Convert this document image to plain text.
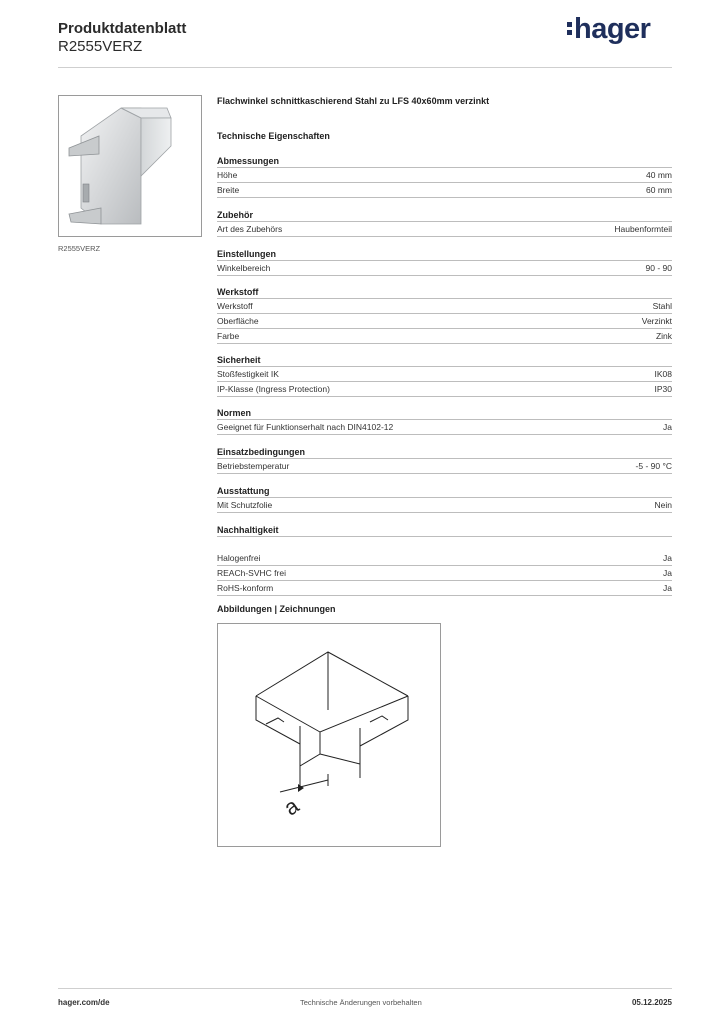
Produktdatenblatt
R2555VERZ
hager
R2555VERZ
Flachwinkel schnittkaschierend Stahl zu LFS 40x60mm verzinkt
Technische Eigenschaften
Abmessungen
Höhe	40 mm
Breite	60 mm
Zubehör
Art des Zubehörs	Haubenformteil
Einstellungen
Winkelbereich	90 - 90
Werkstoff
Werkstoff	Stahl
Oberfläche	Verzinkt
Farbe	Zink
Sicherheit
Stoßfestigkeit IK	IK08
IP-Klasse (Ingress Protection)	IP30
Normen
Geeignet für Funktionserhalt nach DIN4102-12	Ja
Einsatzbedingungen
Betriebstemperatur	-5 - 90 °C
Ausstattung
Mit Schutzfolie	Nein
Nachhaltigkeit
Halogenfrei	Ja
REACh-SVHC frei	Ja
RoHS-konform	Ja
Abbildungen | Zeichnungen
a
hager.com/de	Technische Änderungen vorbehalten	05.12.2025
